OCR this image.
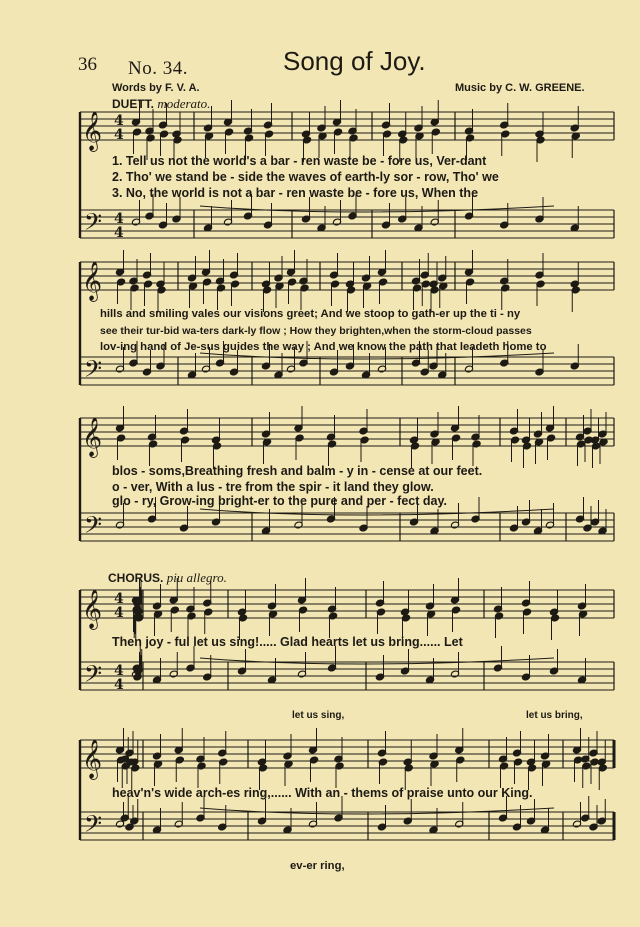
𝄞
𝄢
4
4
4
4
𝄞
𝄢
𝄞
𝄢
𝄞
𝄢
4
4
4
4
𝄞
𝄢
36 No. 34.	Song of Joy.
Words by F. V. A.	Music by C. W. GREENE.
DUETT. moderato.
1. Tell us not the world's a bar - ren waste be - fore us, Ver-dant
2. Tho' we stand be - side the waves of earth-ly sor - row, Tho' we
3. No, the world is not a bar - ren waste be - fore us, When the
hills and smiling vales our visions greet; And we stoop to gath-er up the ti - ny
see their tur-bid wa-ters dark-ly flow ; How they brighten,when the storm-cloud passes
lov-ing hand of Je-sus guides the way ; And we know the path that leadeth home to
blos - soms,Breathing fresh and balm - y in - cense at our feet.
o - ver, With a lus - tre from the spir - it land they glow.
glo - ry, Grow-ing bright-er to the pure and per - fect day.
CHORUS. piu allegro.
Then joy - ful let us sing!..... Glad hearts let us bring...... Let
let us sing,	let us bring,
heav'n's wide arch-es ring,...... With an - thems of praise unto our King.
ev-er ring,
